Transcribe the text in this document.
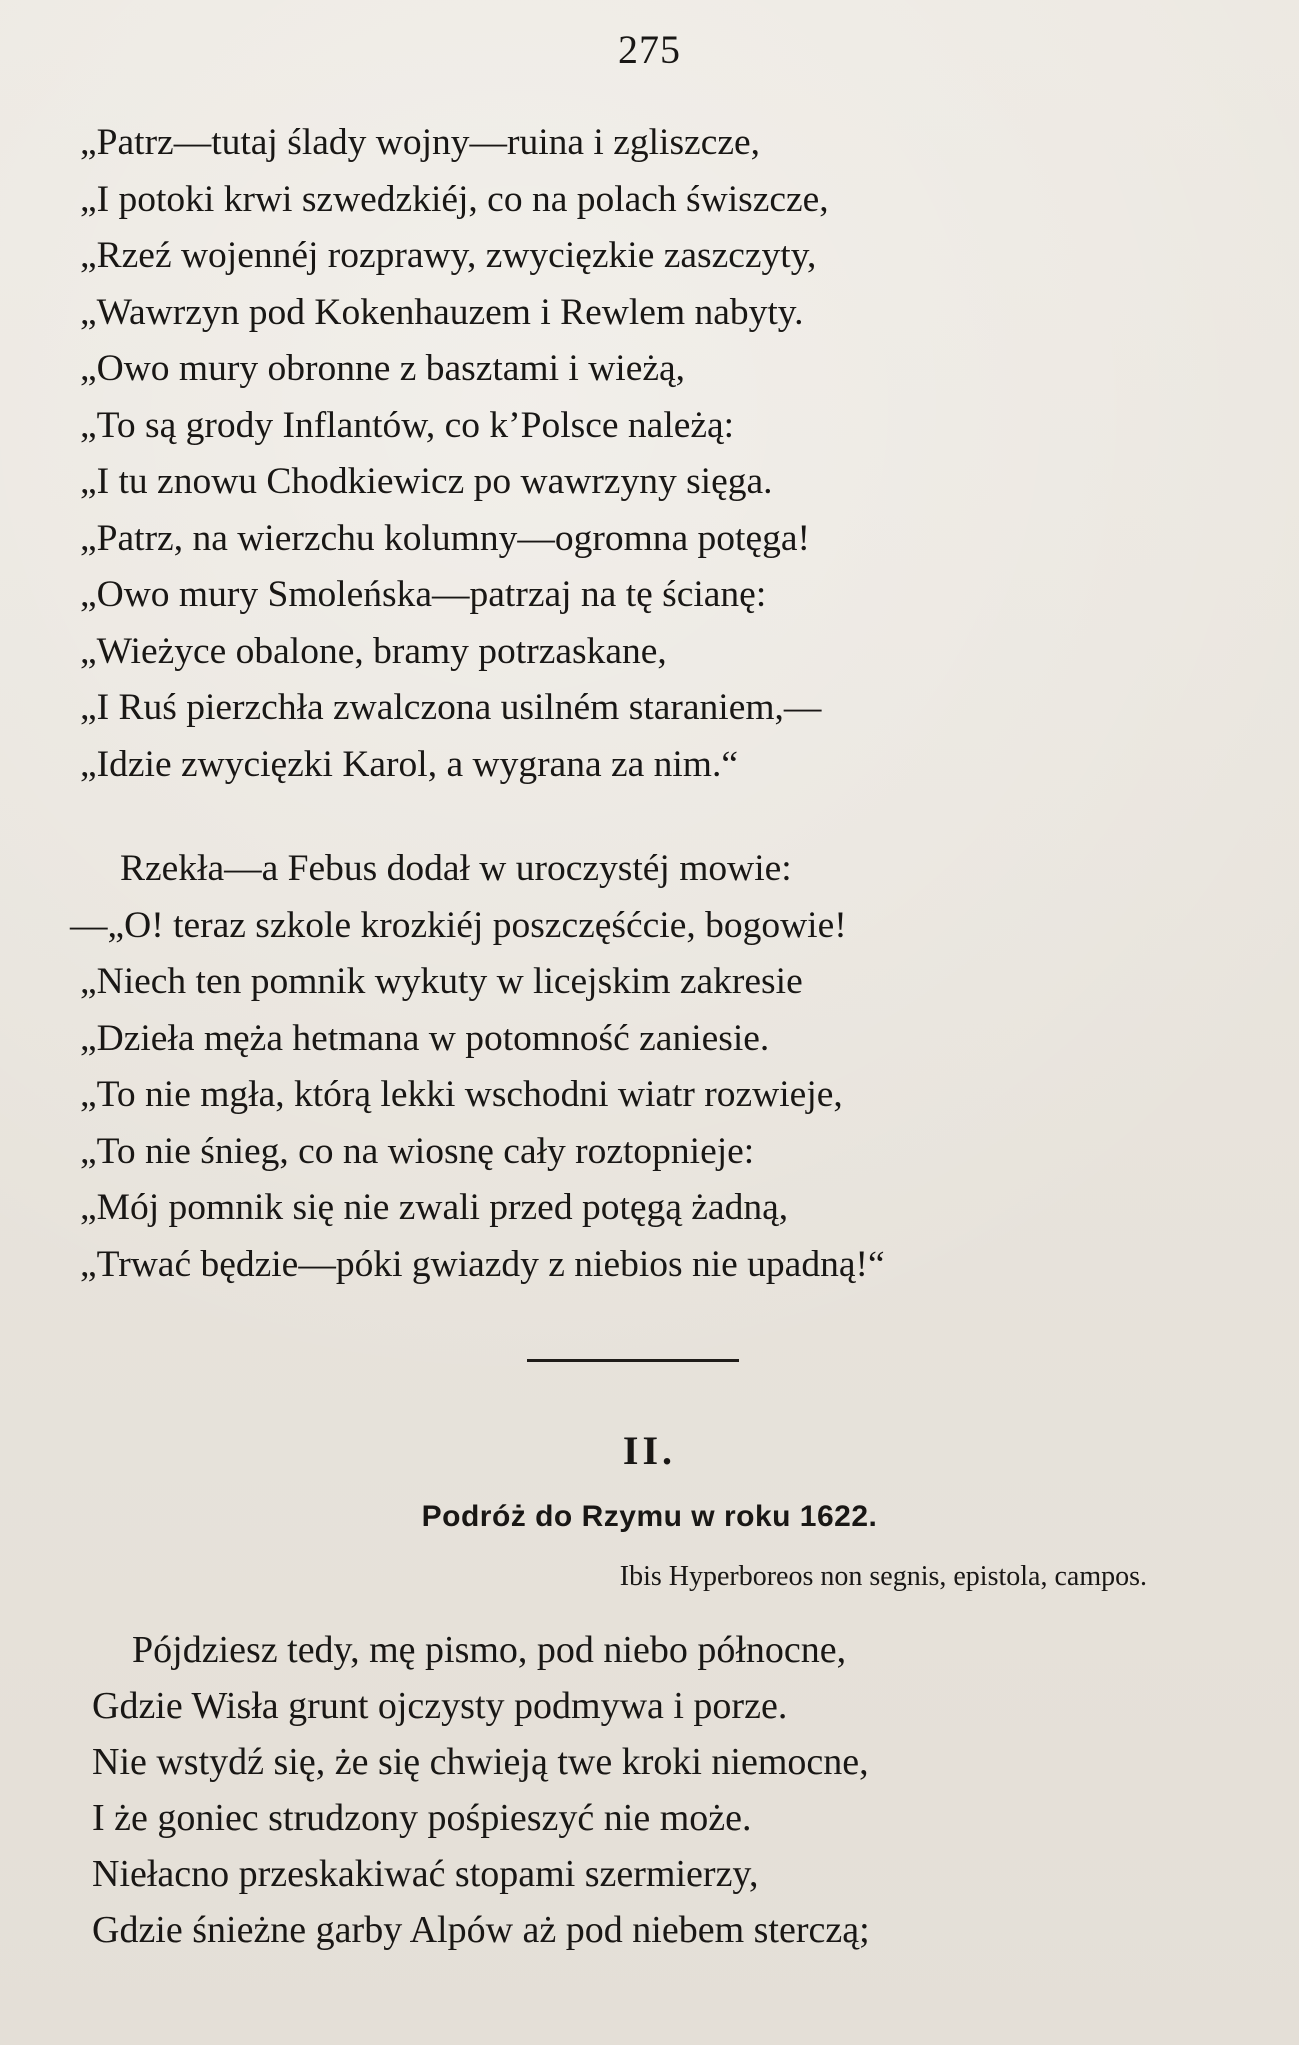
275
„Patrz—tutaj ślady wojny—ruina i zgliszcze,
„I potoki krwi szwedzkiéj, co na polach świszcze,
„Rzeź wojennéj rozprawy, zwycięzkie zaszczyty,
„Wawrzyn pod Kokenhauzem i Rewlem nabyty.
„Owo mury obronne z basztami i wieżą,
„To są grody Inflantów, co k’Polsce należą:
„I tu znowu Chodkiewicz po wawrzyny sięga.
„Patrz, na wierzchu kolumny—ogromna potęga!
„Owo mury Smoleńska—patrzaj na tę ścianę:
„Wieżyce obalone, bramy potrzaskane,
„I Ruś pierzchła zwalczona usilném staraniem,—
„Idzie zwycięzki Karol, a wygrana za nim.“
Rzekła—a Febus dodał w uroczystéj mowie:
—„O! teraz szkole krozkiéj poszczęśćcie, bogowie!
„Niech ten pomnik wykuty w licejskim zakresie
„Dzieła męża hetmana w potomność zaniesie.
„To nie mgła, którą lekki wschodni wiatr rozwieje,
„To nie śnieg, co na wiosnę cały roztopnieje:
„Mój pomnik się nie zwali przed potęgą żadną,
„Trwać będzie—póki gwiazdy z niebios nie upadną!“
II.
Podróż do Rzymu w roku 1622.
Ibis Hyperboreos non segnis, epistola, campos.
Pójdziesz tedy, mę pismo, pod niebo północne,
Gdzie Wisła grunt ojczysty podmywa i porze.
Nie wstydź się, że się chwieją twe kroki niemocne,
I że goniec strudzony pośpieszyć nie może.
Niełacno przeskakiwać stopami szermierzy,
Gdzie śnieżne garby Alpów aż pod niebem sterczą;
